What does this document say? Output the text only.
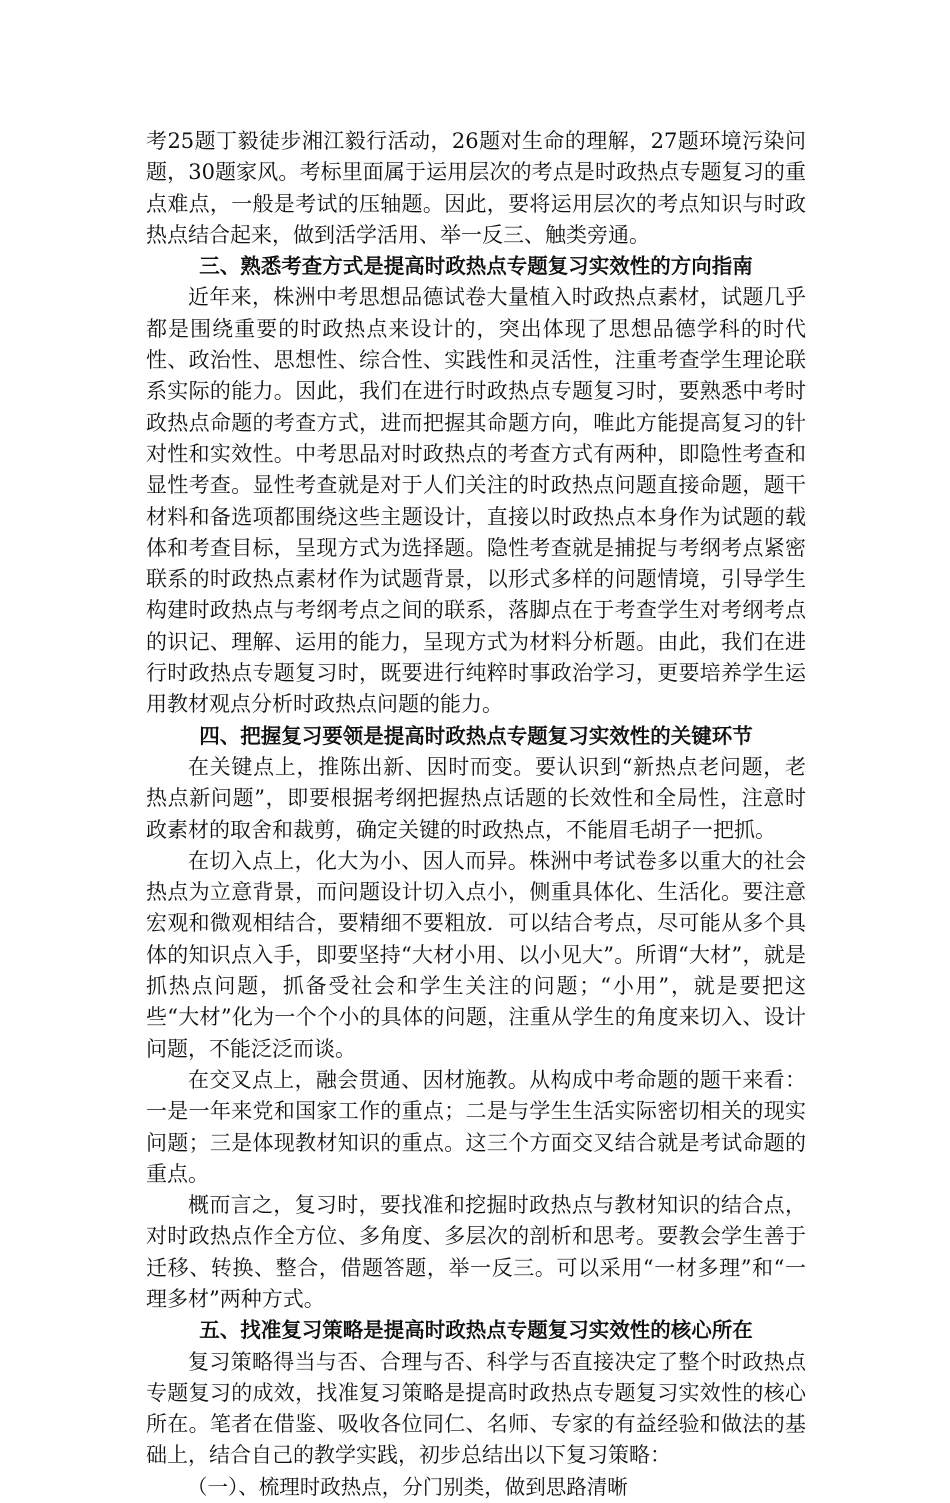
考25题丁毅徒步湘江毅行活动，26题对生命的理解，27题环境污染问题，30题家风。考标里面属于运用层次的考点是时政热点专题复习的重点难点，一般是考试的压轴题。因此，要将运用层次的考点知识与时政热点结合起来，做到活学活用、举一反三、触类旁通。

三、熟悉考查方式是提高时政热点专题复习实效性的方向指南

近年来，株洲中考思想品德试卷大量植入时政热点素材，试题几乎都是围绕重要的时政热点来设计的，突出体现了思想品德学科的时代性、政治性、思想性、综合性、实践性和灵活性，注重考查学生理论联系实际的能力。因此，我们在进行时政热点专题复习时，要熟悉中考时政热点命题的考查方式，进而把握其命题方向，唯此方能提高复习的针对性和实效性。中考思品对时政热点的考查方式有两种，即隐性考查和显性考查。显性考查就是对于人们关注的时政热点问题直接命题，题干材料和备选项都围绕这些主题设计，直接以时政热点本身作为试题的载体和考查目标，呈现方式为选择题。隐性考查就是捕捉与考纲考点紧密联系的时政热点素材作为试题背景，以形式多样的问题情境，引导学生构建时政热点与考纲考点之间的联系，落脚点在于考查学生对考纲考点的识记、理解、运用的能力，呈现方式为材料分析题。由此，我们在进行时政热点专题复习时，既要进行纯粹时事政治学习，更要培养学生运用教材观点分析时政热点问题的能力。

四、把握复习要领是提高时政热点专题复习实效性的关键环节

在关键点上，推陈出新、因时而变。要认识到“新热点老问题，老热点新问题”，即要根据考纲把握热点话题的长效性和全局性，注意时政素材的取舍和裁剪，确定关键的时政热点，不能眉毛胡子一把抓。

在切入点上，化大为小、因人而异。株洲中考试卷多以重大的社会热点为立意背景，而问题设计切入点小，侧重具体化、生活化。要注意宏观和微观相结合，要精细不要粗放．可以结合考点，尽可能从多个具体的知识点入手，即要坚持“大材小用、以小见大”。所谓“大材”，就是抓热点问题，抓备受社会和学生关注的问题；“小用”，就是要把这些“大材”化为一个个小的具体的问题，注重从学生的角度来切入、设计问题，不能泛泛而谈。

在交叉点上，融会贯通、因材施教。从构成中考命题的题干来看：一是一年来党和国家工作的重点；二是与学生生活实际密切相关的现实问题；三是体现教材知识的重点。这三个方面交叉结合就是考试命题的重点。

概而言之，复习时，要找准和挖掘时政热点与教材知识的结合点，对时政热点作全方位、多角度、多层次的剖析和思考。要教会学生善于迁移、转换、整合，借题答题，举一反三。可以采用“一材多理”和“一理多材”两种方式。

五、找准复习策略是提高时政热点专题复习实效性的核心所在

复习策略得当与否、合理与否、科学与否直接决定了整个时政热点专题复习的成效，找准复习策略是提高时政热点专题复习实效性的核心所在。笔者在借鉴、吸收各位同仁、名师、专家的有益经验和做法的基础上，结合自己的教学实践，初步总结出以下复习策略：

（一）、梳理时政热点，分门别类，做到思路清晰
